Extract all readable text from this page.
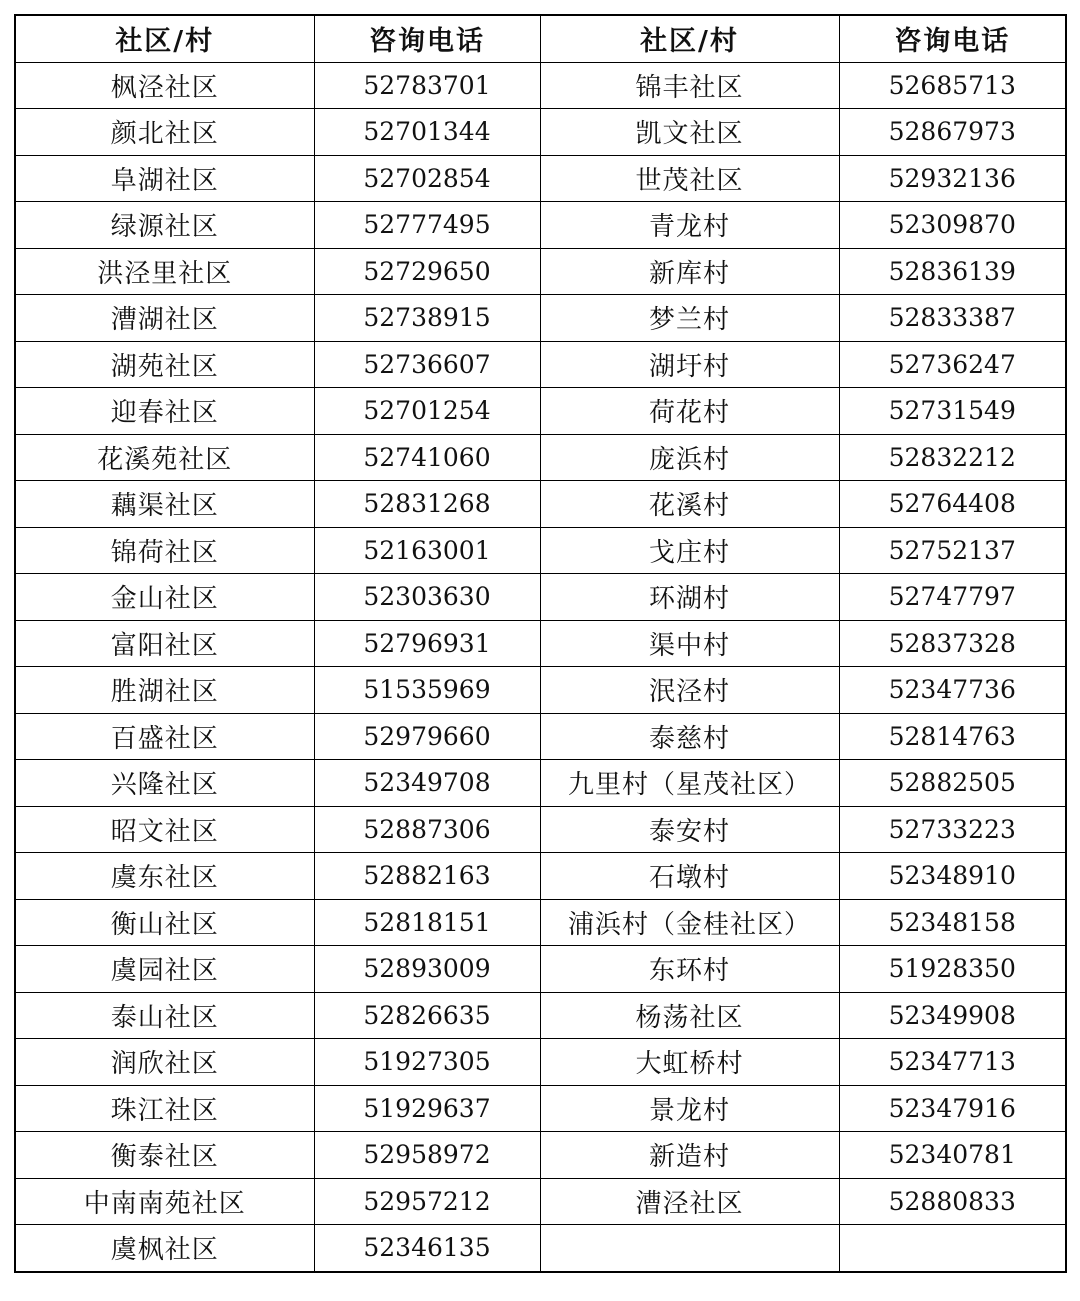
社区/村	咨询电话	社区/村	咨询电话
枫泾社区	52783701	锦丰社区	52685713
颜北社区	52701344	凯文社区	52867973
阜湖社区	52702854	世茂社区	52932136
绿源社区	52777495	青龙村	52309870
洪泾里社区	52729650	新库村	52836139
漕湖社区	52738915	梦兰村	52833387
湖苑社区	52736607	湖圩村	52736247
迎春社区	52701254	荷花村	52731549
花溪苑社区	52741060	庞浜村	52832212
藕渠社区	52831268	花溪村	52764408
锦荷社区	52163001	戈庄村	52752137
金山社区	52303630	环湖村	52747797
富阳社区	52796931	渠中村	52837328
胜湖社区	51535969	泯泾村	52347736
百盛社区	52979660	泰慈村	52814763
兴隆社区	52349708	九里村（星茂社区）	52882505
昭文社区	52887306	泰安村	52733223
虞东社区	52882163	石墩村	52348910
衡山社区	52818151	浦浜村（金桂社区）	52348158
虞园社区	52893009	东环村	51928350
泰山社区	52826635	杨荡社区	52349908
润欣社区	51927305	大虹桥村	52347713
珠江社区	51929637	景龙村	52347916
衡泰社区	52958972	新造村	52340781
中南南苑社区	52957212	漕泾社区	52880833
虞枫社区	52346135		
